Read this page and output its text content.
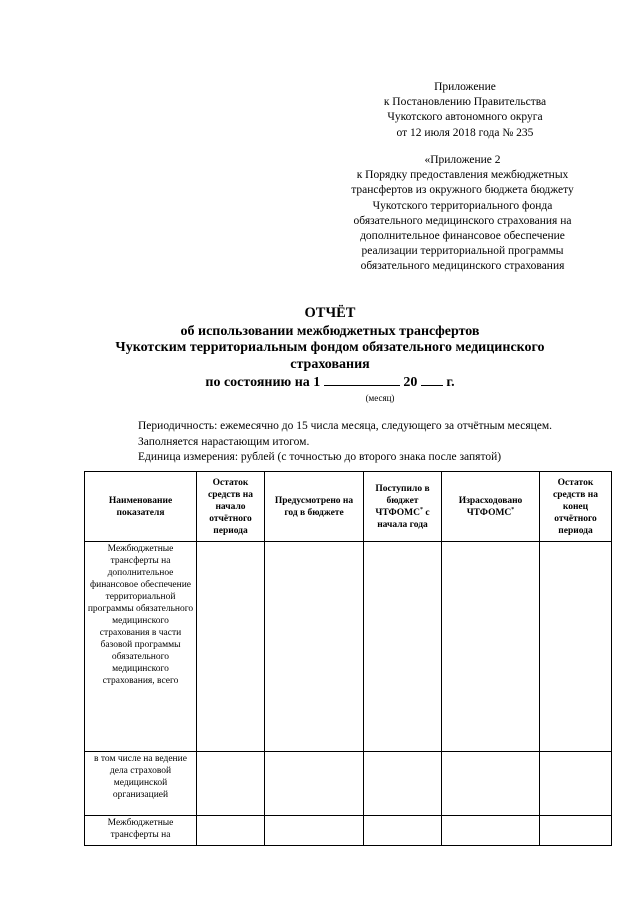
Приложение
к Постановлению Правительства
Чукотского автономного округа
от 12 июля 2018 года № 235
«Приложение 2
к Порядку предоставления межбюджетных
трансфертов из окружного бюджета бюджету
Чукотского территориального фонда
обязательного медицинского страхования на
дополнительное финансовое обеспечение
реализации территориальной программы
обязательного медицинского страхования
ОТЧЁТ
об использовании межбюджетных трансфертов
Чукотским территориальным фондом обязательного медицинского
страхования
по состоянию на 1	20 г.
(месяц)
Периодичность: ежемесячно до 15 числа месяца, следующего за отчётным месяцем.
Заполняется нарастающим итогом.
Единица измерения: рублей (с точностью до второго знака после запятой)
Наименование показателя	Остаток средств на начало отчётного периода	Предусмотрено на год в бюджете	Поступило в бюджет ЧТФОМС* с начала года	Израсходовано ЧТФОМС*	Остаток средств на конец отчётного периода
Межбюджетные трансферты на дополнительное финансовое обеспечение территориальной программы обязательного медицинского страхования в части базовой программы обязательного медицинского страхования, всего					
в том числе на ведение дела страховой медицинской организацией					
Межбюджетные трансферты на					
